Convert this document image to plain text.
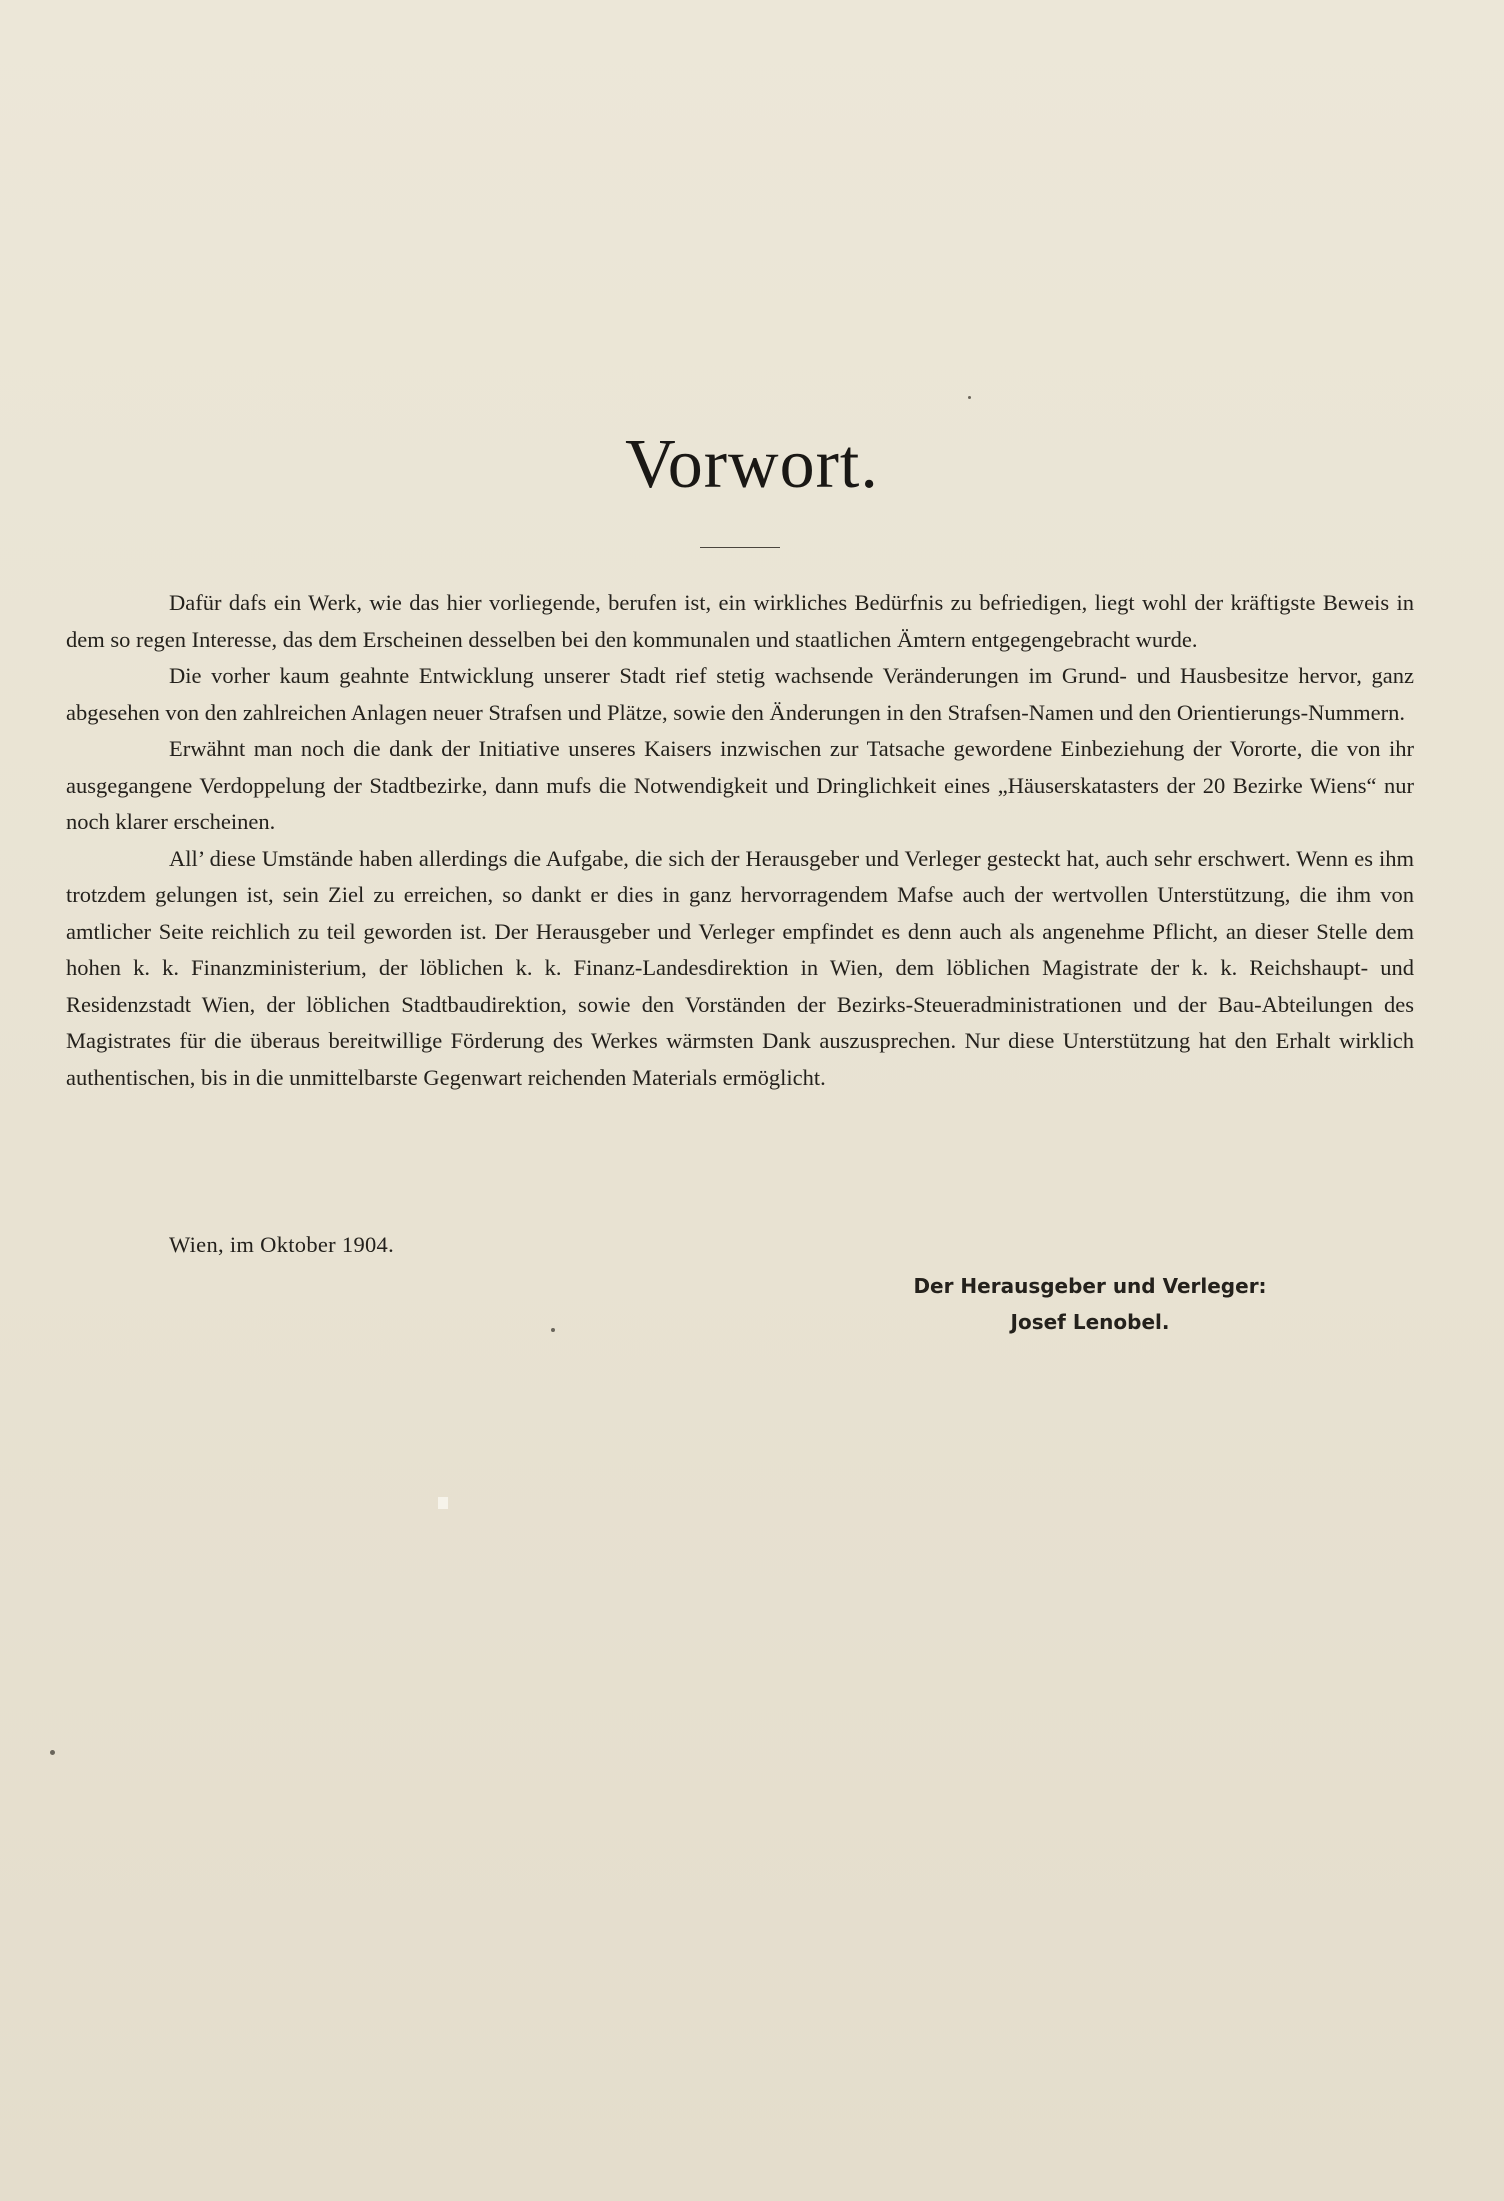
Vorwort.

Dafür dafs ein Werk, wie das hier vorliegende, berufen ist, ein wirkliches Bedürfnis zu befriedigen, liegt wohl der kräftigste Beweis in dem so regen Interesse, das dem Erscheinen desselben bei den kommunalen und staatlichen Ämtern entgegengebracht wurde.

Die vorher kaum geahnte Entwicklung unserer Stadt rief stetig wachsende Veränderungen im Grund- und Hausbesitze hervor, ganz abgesehen von den zahlreichen Anlagen neuer Strafsen und Plätze, sowie den Änderungen in den Strafsen-Namen und den Orientierungs-Nummern.

Erwähnt man noch die dank der Initiative unseres Kaisers inzwischen zur Tatsache gewordene Einbeziehung der Vororte, die von ihr ausgegangene Verdoppelung der Stadtbezirke, dann mufs die Notwendigkeit und Dringlichkeit eines „Häuserskatasters der 20 Bezirke Wiens“ nur noch klarer erscheinen.

All’ diese Umstände haben allerdings die Aufgabe, die sich der Herausgeber und Verleger gesteckt hat, auch sehr erschwert. Wenn es ihm trotzdem gelungen ist, sein Ziel zu erreichen, so dankt er dies in ganz hervorragendem Mafse auch der wertvollen Unterstützung, die ihm von amtlicher Seite reichlich zu teil geworden ist. Der Herausgeber und Verleger empfindet es denn auch als angenehme Pflicht, an dieser Stelle dem hohen k. k. Finanzministerium, der löblichen k. k. Finanz-Landesdirektion in Wien, dem löblichen Magistrate der k. k. Reichshaupt- und Residenzstadt Wien, der löblichen Stadtbaudirektion, sowie den Vorständen der Bezirks-Steueradministrationen und der Bau-Abteilungen des Magistrates für die überaus bereitwillige Förderung des Werkes wärmsten Dank auszusprechen. Nur diese Unterstützung hat den Erhalt wirklich authentischen, bis in die unmittelbarste Gegenwart reichenden Materials ermöglicht.

Wien, im Oktober 1904.
Der Herausgeber und Verleger:
Josef Lenobel.
